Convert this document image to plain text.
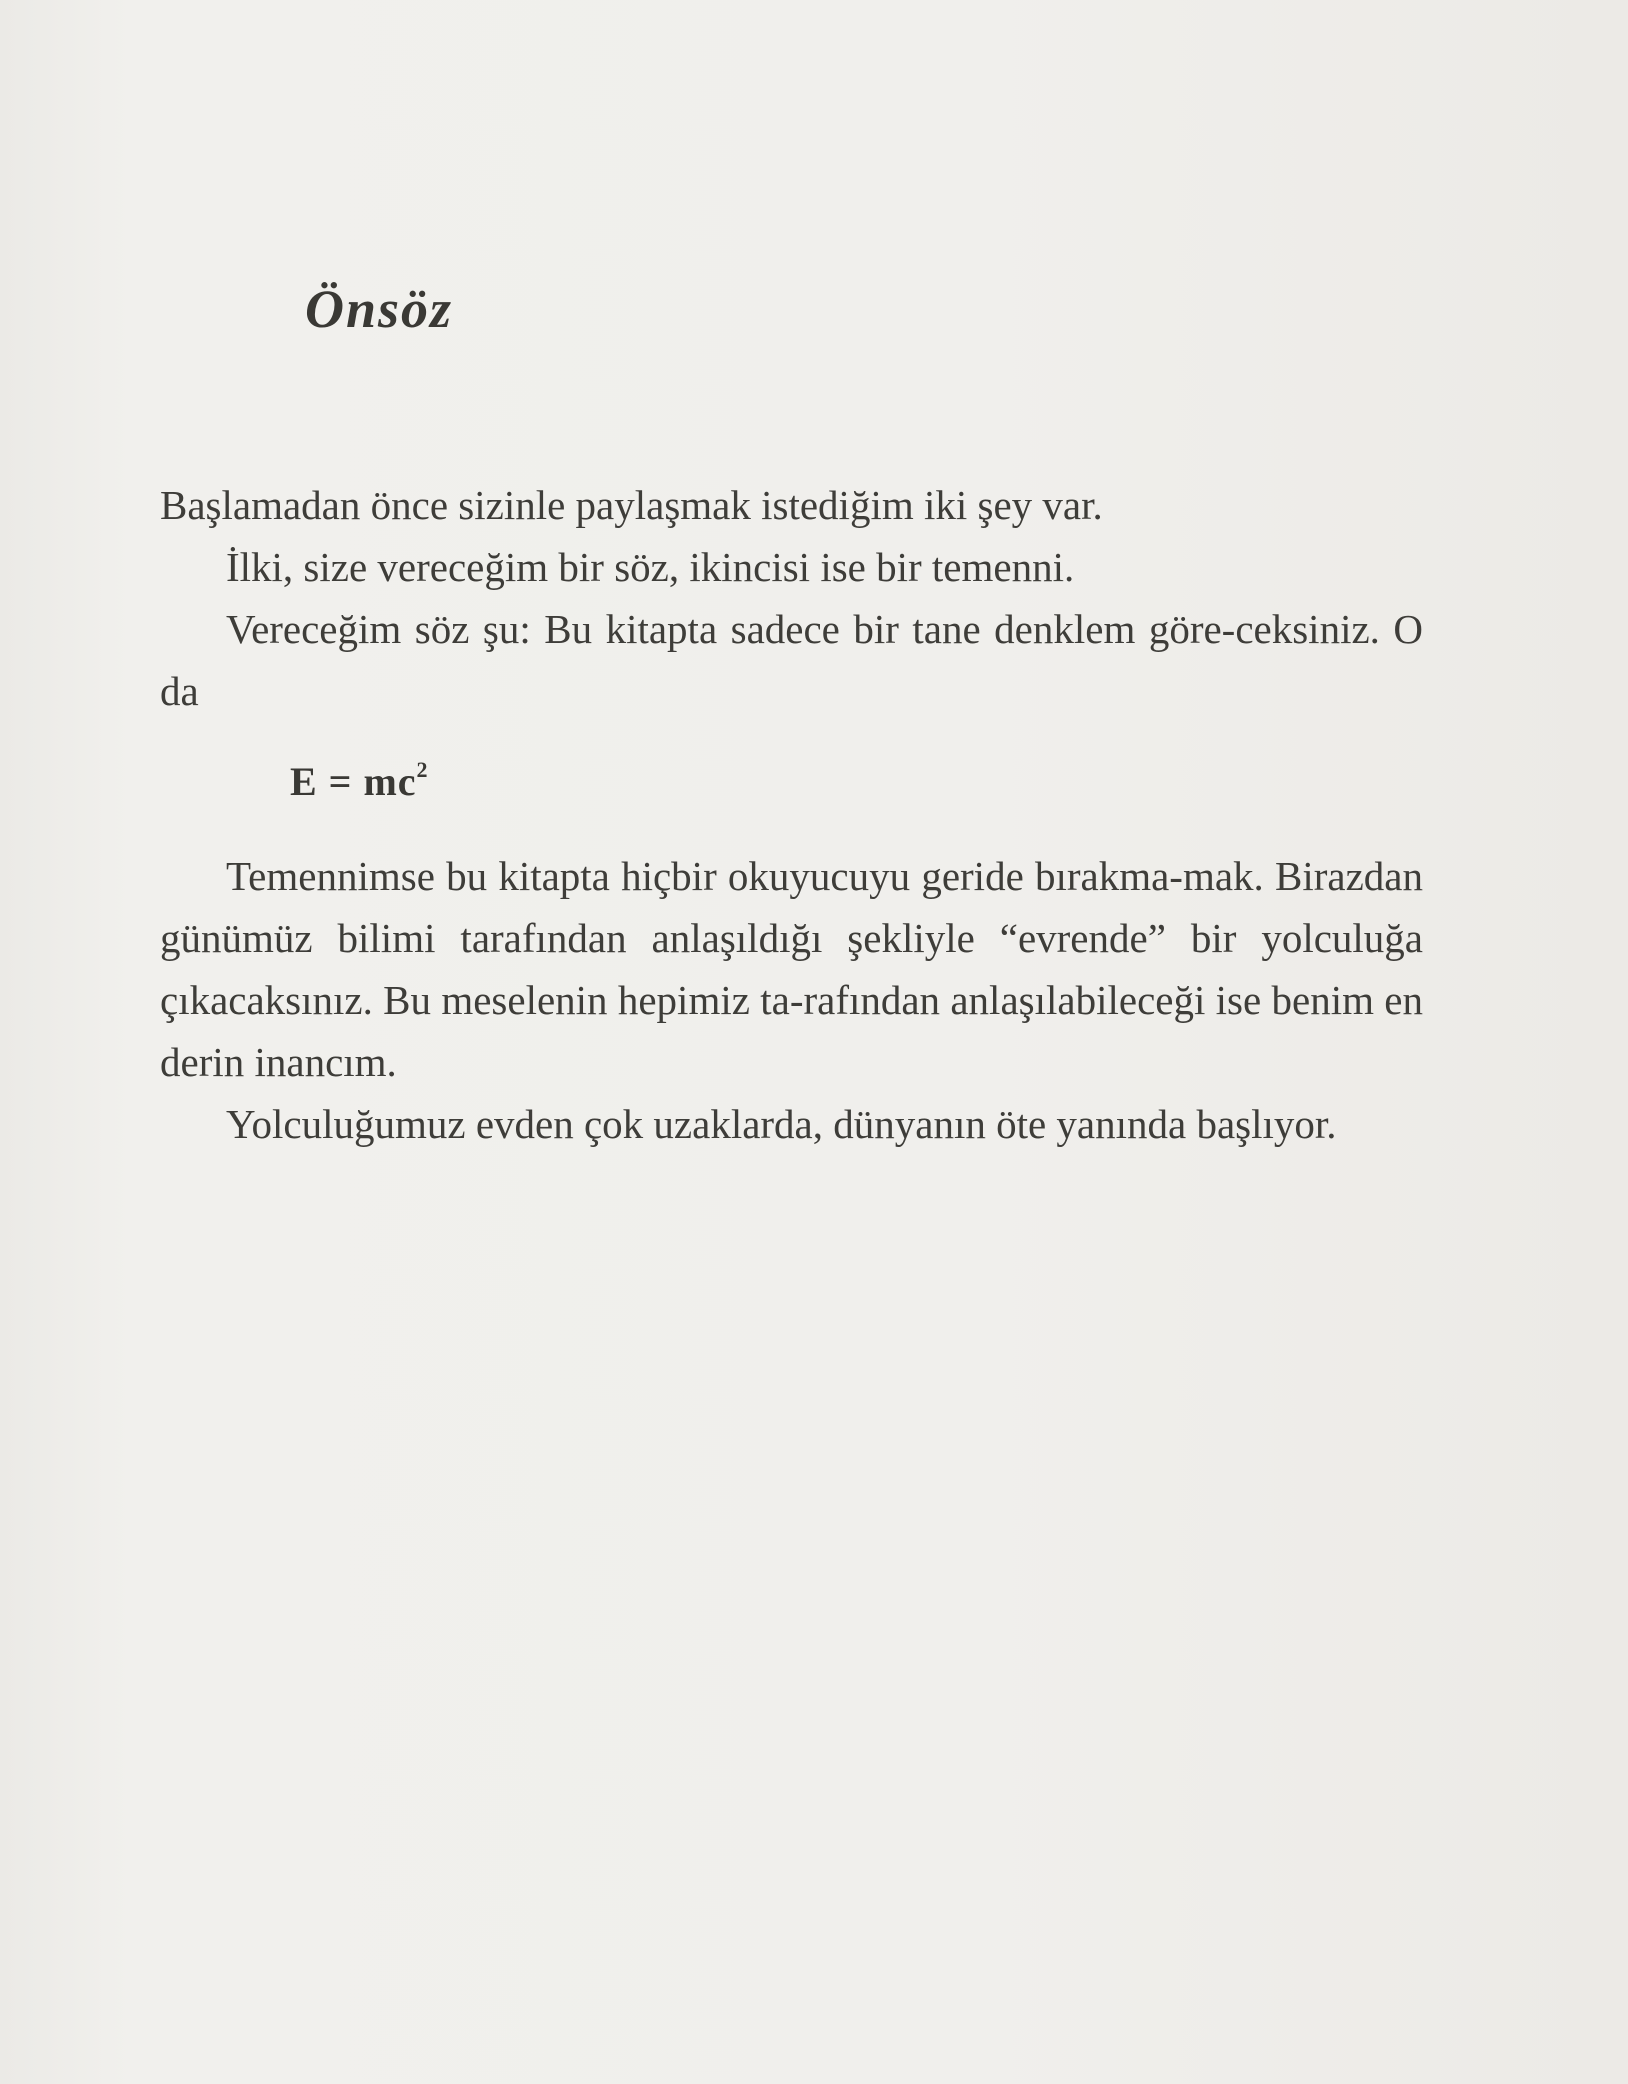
Önsöz

Başlamadan önce sizinle paylaşmak istediğim iki şey var.

İlki, size vereceğim bir söz, ikincisi ise bir temenni.

Vereceğim söz şu: Bu kitapta sadece bir tane denklem göre-ceksiniz. O da

$E = mc^2$

Temennimse bu kitapta hiçbir okuyucuyu geride bırakma-mak. Birazdan günümüz bilimi tarafından anlaşıldığı şekliyle “evrende” bir yolculuğa çıkacaksınız. Bu meselenin hepimiz ta-rafından anlaşılabileceği ise benim en derin inancım.

Yolculuğumuz evden çok uzaklarda, dünyanın öte yanında başlıyor.
